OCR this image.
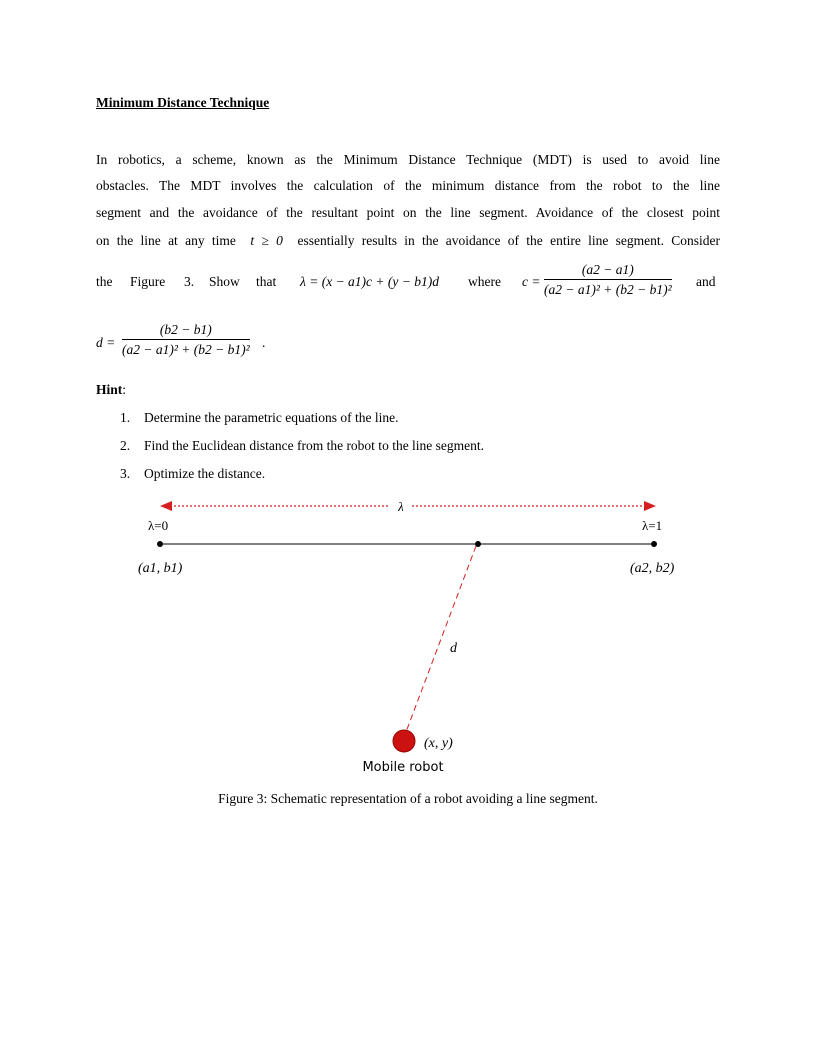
Minimum Distance Technique
In robotics, a scheme, known as the Minimum Distance Technique (MDT) is used to avoid line
obstacles. The MDT involves the calculation of the minimum distance from the robot to the line
segment and the avoidance of the resultant point on the line segment. Avoidance of the closest point
on the line at any time t ≥ 0 essentially results in the avoidance of the entire line segment. Consider
the Figure 3. Show that λ = (x − a1)c + (y − b1)d where $c = \frac{(a2 - a1)}{\text{(a2 − a1)² + (b2 − b1)²}}$ and
$d = \frac{(b2 - b1)}{\text{(a2 − a1)² + (b2 − b1)²}}$ .
Hint:
1. Determine the parametric equations of the line.
2. Find the Euclidean distance from the robot to the line segment.
3. Optimize the distance.
λ
λ=0	λ=1
(a1, b1)	(a2, b2)
d
(x, y)
Mobile robot
Figure 3: Schematic representation of a robot avoiding a line segment.
